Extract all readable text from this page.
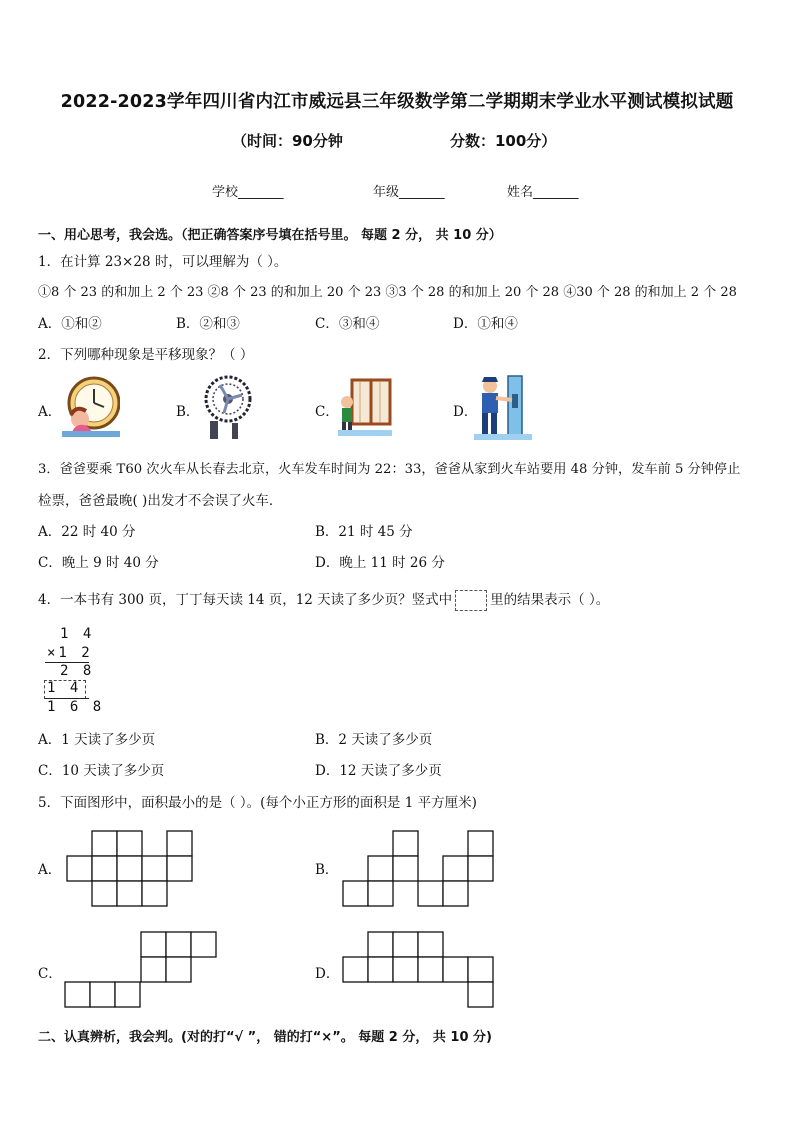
2022-2023学年四川省内江市威远县三年级数学第二学期期末学业水平测试模拟试题
（时间：90分钟	分数：100分）
学校_______	年级_______	姓名_______
一、用心思考，我会选。（把正确答案序号填在括号里。 每题 2 分， 共 10 分）
1．在计算 23×28 时，可以理解为（ ）。
①8 个 23 的和加上 2 个 23 ②8 个 23 的和加上 20 个 23 ③3 个 28 的和加上 20 个 28 ④30 个 28 的和加上 2 个 28
A．①和②	B．②和③	C．③和④	D．①和④
2．下列哪种现象是平移现象？（ ）
A．	B．	C．	D．
3．爸爸要乘 T60 次火车从长春去北京，火车发车时间为 22：33，爸爸从家到火车站要用 48 分钟，发车前 5 分钟停止
检票，爸爸最晚( )出发才不会误了火车．
A．22 时 40 分	B．21 时 45 分
C．晚上 9 时 40 分	D．晚上 11 时 26 分
4．一本书有 300 页，丁丁每天读 14 页，12 天读了多少页？竖式中	里的结果表示（ ）。
1 4
×1 2
2 8
1 4
1 6 8
A．1 天读了多少页	B．2 天读了多少页
C．10 天读了多少页	D．12 天读了多少页
5．下面图形中，面积最小的是（ ）。(每个小正方形的面积是 1 平方厘米)
A．	B．
C．	D．
二、认真辨析，我会判。(对的打“√ ”， 错的打“×”。 每题 2 分， 共 10 分)
